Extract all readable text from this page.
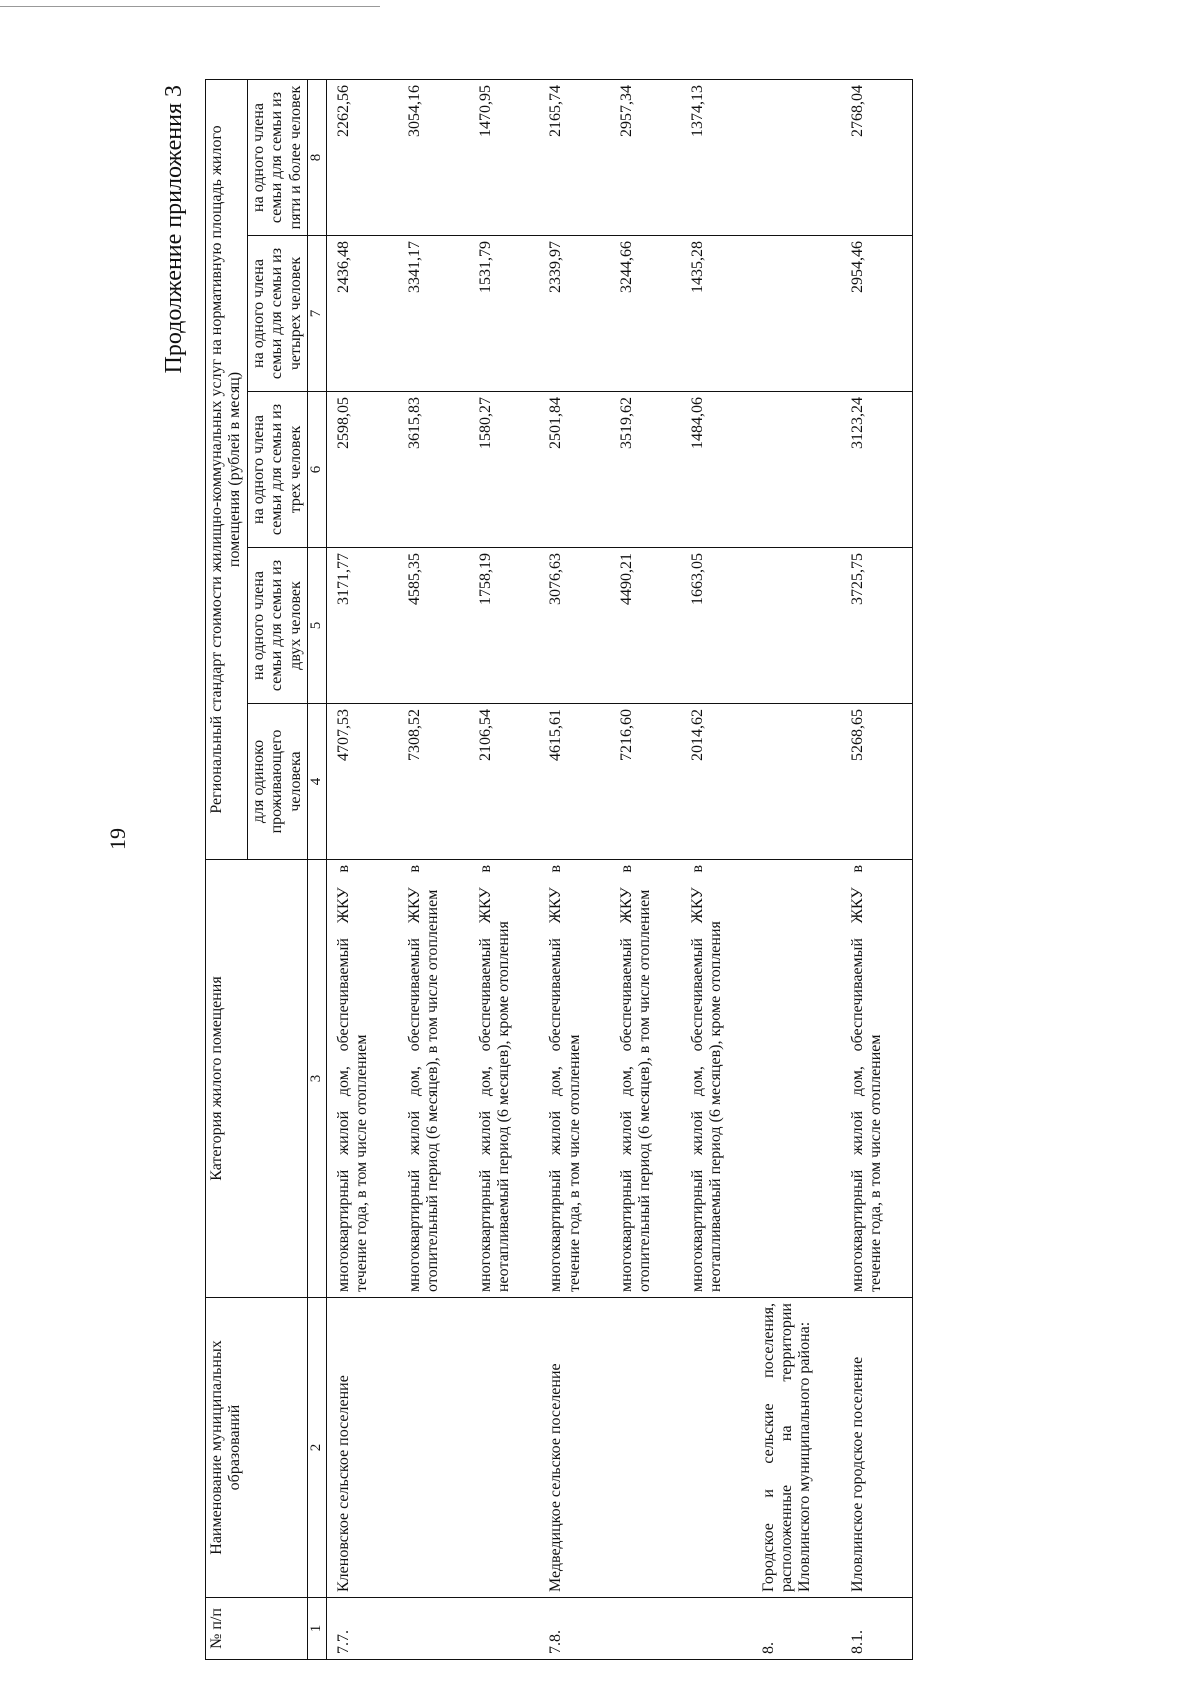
19
Продолжение приложения 3
№ п/п	Наименование муниципальных образований	Категория жилого помещения	Региональный стандарт стоимости жилищно-коммунальных услуг на нормативную площадь жилого помещения (рублей в месяц)				
			для одиноко проживающего человека	на одного члена семьи для семьи из двух человек	на одного члена семьи для семьи из трех человек	на одного члена семьи для семьи из четырех человек	на одного члена семьи для семьи из пяти и более человек
1	2	3	4	5	6	7	8
7.7.	Кленовское сельское поселение	многоквартирный жилой дом, обеспечиваемый ЖКУ в течение года, в том числе отоплением	4707,53	3171,77	2598,05	2436,48	2262,56
		многоквартирный жилой дом, обеспечиваемый ЖКУ в отопительный период (6 месяцев), в том числе отоплением	7308,52	4585,35	3615,83	3341,17	3054,16
		многоквартирный жилой дом, обеспечиваемый ЖКУ в неотапливаемый период (6 месяцев), кроме отопления	2106,54	1758,19	1580,27	1531,79	1470,95
7.8.	Медведицкое сельское поселение	многоквартирный жилой дом, обеспечиваемый ЖКУ в течение года, в том числе отоплением	4615,61	3076,63	2501,84	2339,97	2165,74
		многоквартирный жилой дом, обеспечиваемый ЖКУ в отопительный период (6 месяцев), в том числе отоплением	7216,60	4490,21	3519,62	3244,66	2957,34
		многоквартирный жилой дом, обеспечиваемый ЖКУ в неотапливаемый период (6 месяцев), кроме отопления	2014,62	1663,05	1484,06	1435,28	1374,13
8.	Городское и сельские поселения, расположенные на территории Иловлинского муниципального района:						
8.1.	Иловлинское городское поселение	многоквартирный жилой дом, обеспечиваемый ЖКУ в течение года, в том числе отоплением	5268,65	3725,75	3123,24	2954,46	2768,04
